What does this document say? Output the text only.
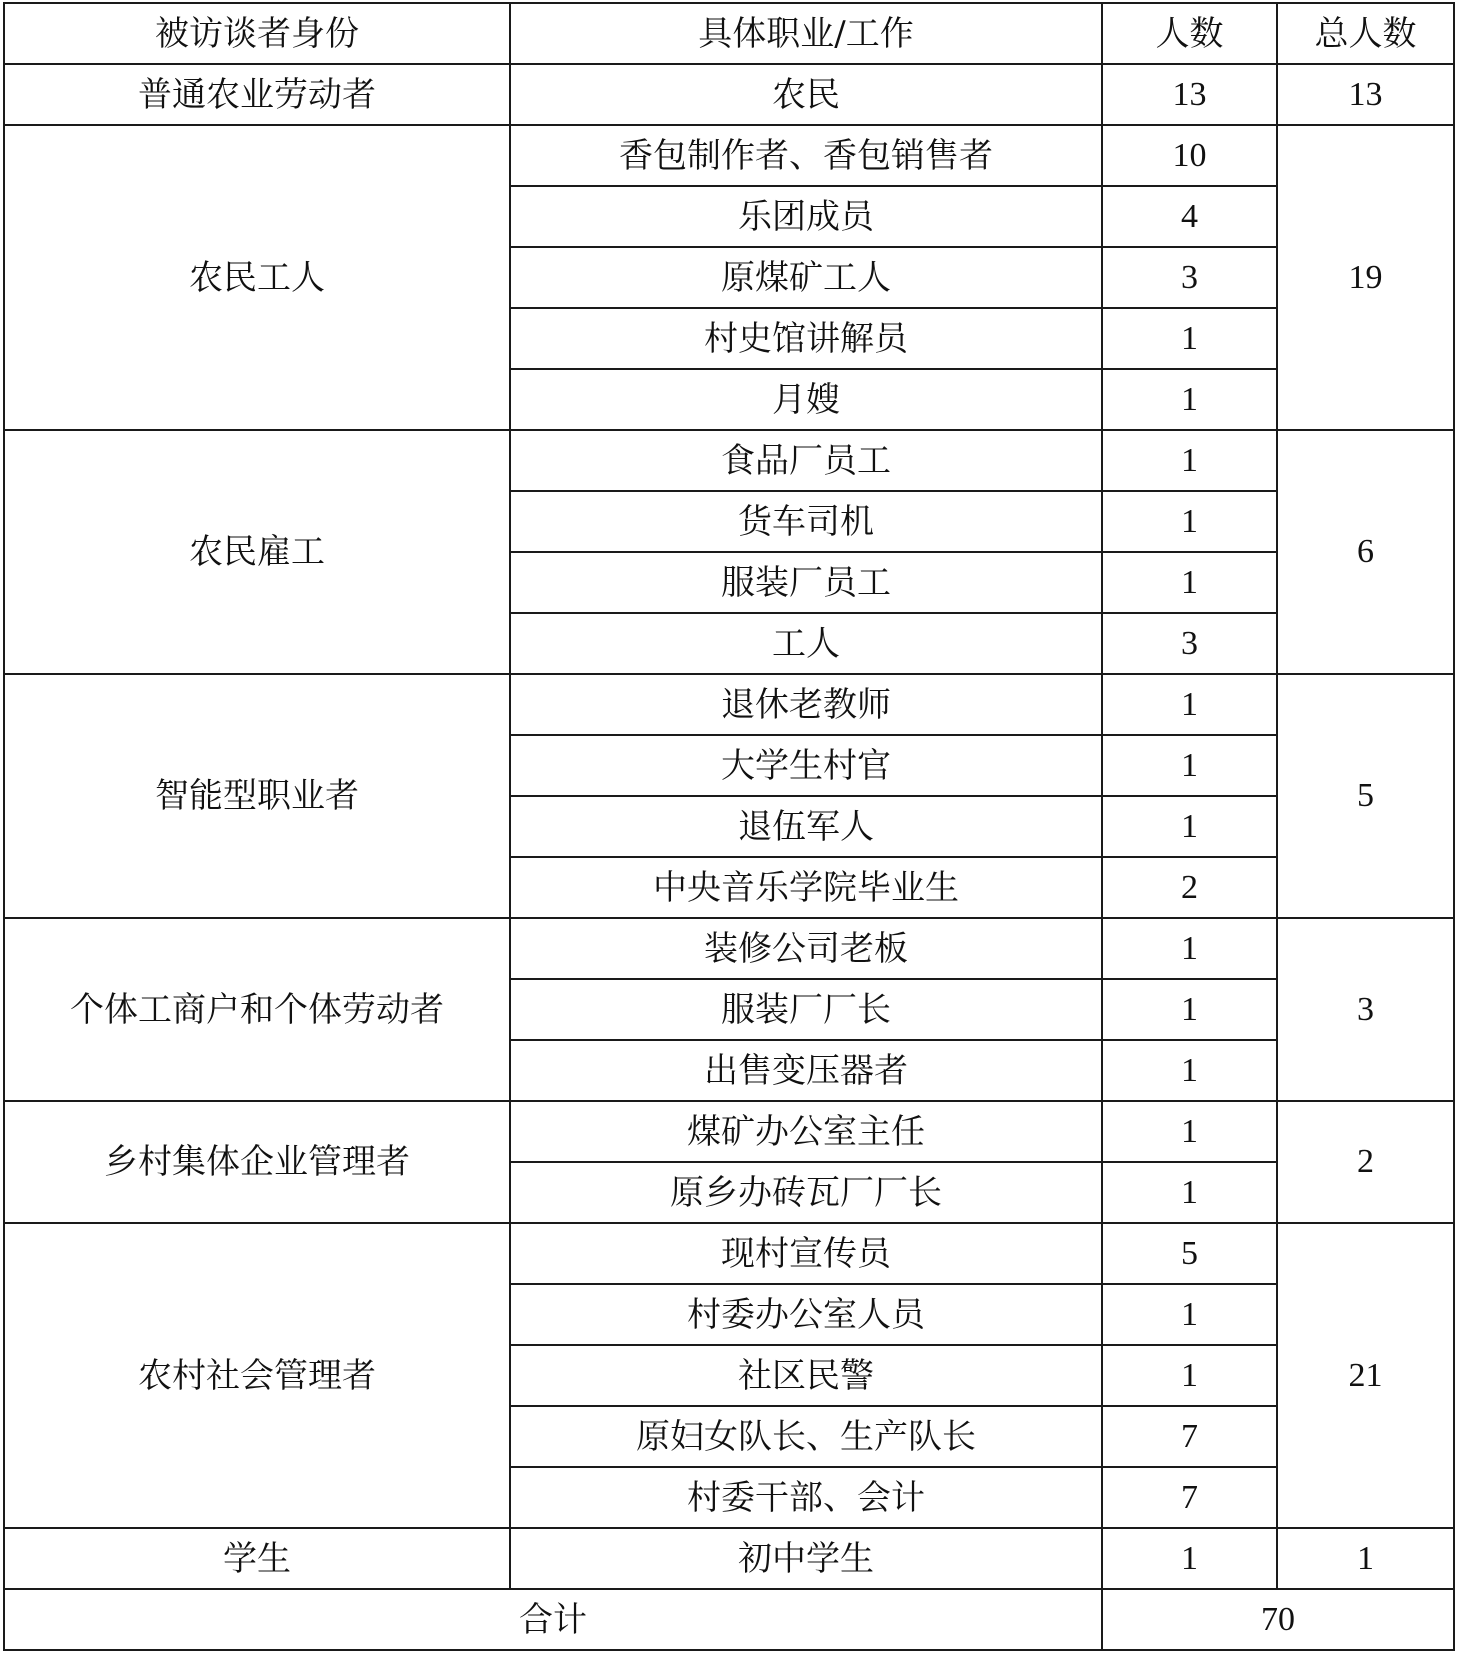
被访谈者身份	具体职业/工作	人数	总人数
普通农业劳动者	农民	13	13
农民工人	香包制作者、香包销售者	10	19
	乐团成员	4	
	原煤矿工人	3	
	村史馆讲解员	1	
	月嫂	1	
农民雇工	食品厂员工	1	6
	货车司机	1	
	服装厂员工	1	
	工人	3	
智能型职业者	退休老教师	1	5
	大学生村官	1	
	退伍军人	1	
	中央音乐学院毕业生	2	
个体工商户和个体劳动者	装修公司老板	1	3
	服装厂厂长	1	
	出售变压器者	1	
乡村集体企业管理者	煤矿办公室主任	1	2
	原乡办砖瓦厂厂长	1	
农村社会管理者	现村宣传员	5	21
	村委办公室人员	1	
	社区民警	1	
	原妇女队长、生产队长	7	
	村委干部、会计	7	
学生	初中学生	1	1
合计		70	
